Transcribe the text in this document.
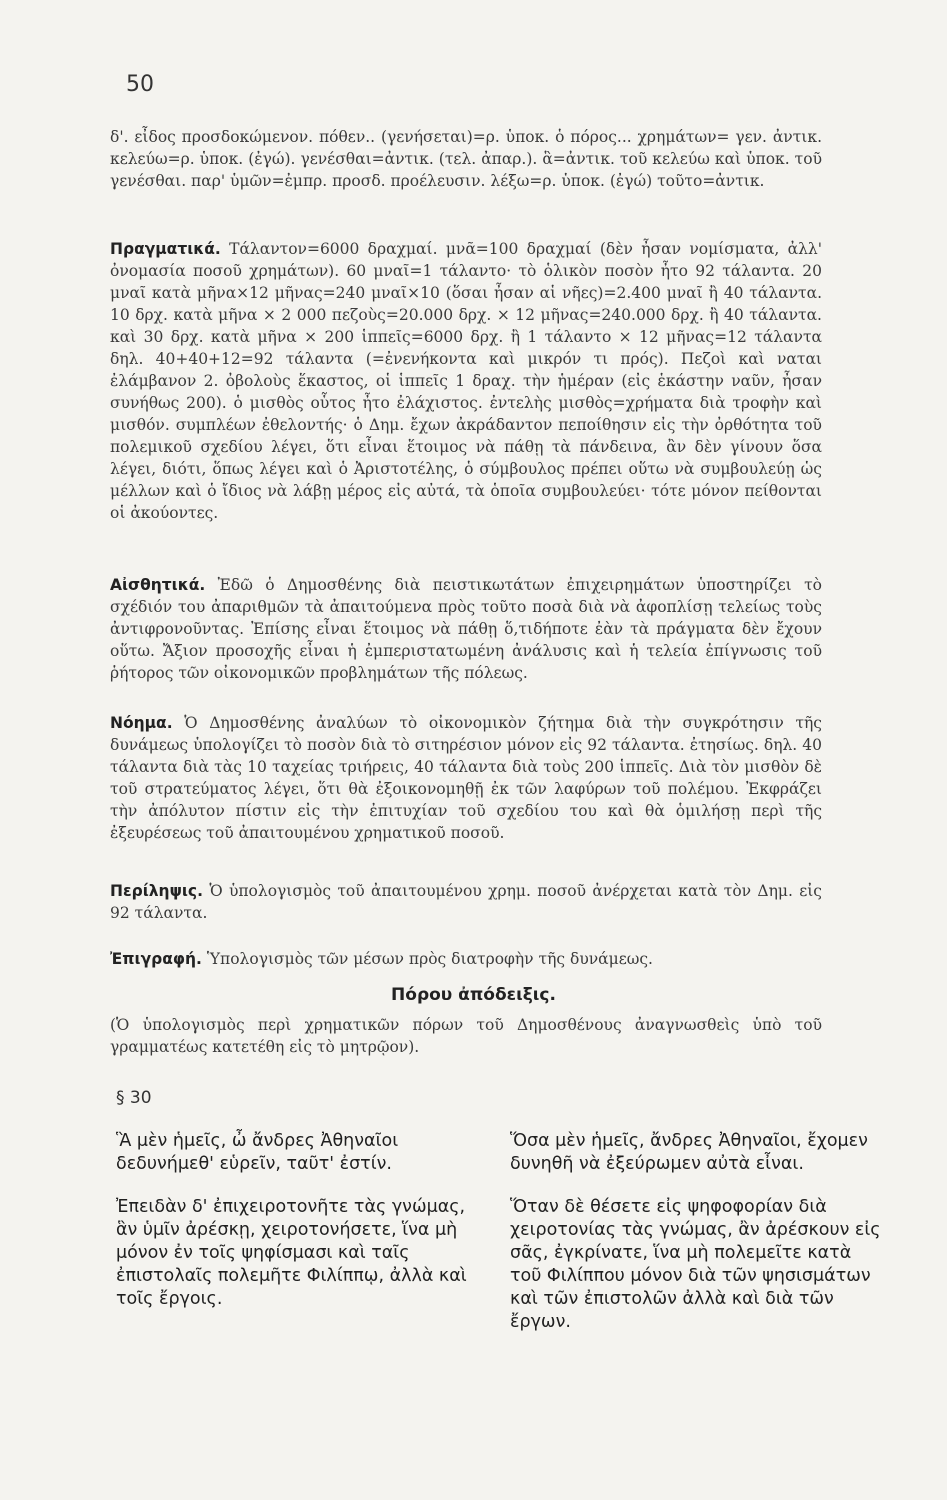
50
δ'. εἶδος προσδοκώμενον. πόθεν.. (γενήσεται)=ρ. ὑποκ. ὁ πόρος... χρημάτων= γεν. ἀντικ. κελεύω=ρ. ὑποκ. (ἐγώ). γενέσθαι=ἀντικ. (τελ. ἀπαρ.). ἃ=ἀντικ. τοῦ κελεύω καὶ ὑποκ. τοῦ γενέσθαι. παρ' ὑμῶν=ἐμπρ. προσδ. προέλευσιν. λέξω=ρ. ὑποκ. (ἐγώ) τοῦτο=ἀντικ.
Πραγματικά. Τάλαντον=6000 δραχμαί. μνᾶ=100 δραχμαί (δὲν ἦσαν νομίσματα, ἀλλ' ὀνομασία ποσοῦ χρημάτων). 60 μναῖ=1 τάλαντο· τὸ ὁλικὸν ποσὸν ἦτο 92 τάλαντα. 20 μναῖ κατὰ μῆνα×12 μῆνας=240 μναῖ×10 (ὅσαι ἦσαν αἱ νῆες)=2.400 μναῖ ἢ 40 τάλαντα. 10 δρχ. κατὰ μῆνα × 2 000 πεζοὺς=20.000 δρχ. × 12 μῆνας=240.000 δρχ. ἢ 40 τάλαντα. καὶ 30 δρχ. κατὰ μῆνα × 200 ἱππεῖς=6000 δρχ. ἢ 1 τάλαντο × 12 μῆνας=12 τάλαντα δηλ. 40+40+12=92 τάλαντα (=ἐνενήκοντα καὶ μικρόν τι πρός). Πεζοὶ καὶ ναται ἐλάμβανον 2. ὀβολοὺς ἕκαστος, οἱ ἱππεῖς 1 δραχ. τὴν ἡμέραν (εἰς ἑκάστην ναῦν, ἦσαν συνήθως 200). ὁ μισθὸς οὗτος ἦτο ἐλάχιστος. ἐντελὴς μισθὸς=χρήματα διὰ τροφὴν καὶ μισθόν. συμπλέων ἐθελοντής· ὁ Δημ. ἔχων ἀκράδαντον πεποίθησιν εἰς τὴν ὀρθότητα τοῦ πολεμικοῦ σχεδίου λέγει, ὅτι εἶναι ἕτοιμος νὰ πάθῃ τὰ πάνδεινα, ἂν δὲν γίνουν ὅσα λέγει, διότι, ὅπως λέγει καὶ ὁ Ἀριστοτέλης, ὁ σύμβουλος πρέπει οὕτω νὰ συμβουλεύῃ ὡς μέλλων καὶ ὁ ἴδιος νὰ λάβῃ μέρος εἰς αὐτά, τὰ ὁποῖα συμβουλεύει· τότε μόνον πείθονται οἱ ἀκούοντες.
Αἰσθητικά. Ἐδῶ ὁ Δημοσθένης διὰ πειστικωτάτων ἐπιχειρημάτων ὑποστηρίζει τὸ σχέδιόν του ἀπαριθμῶν τὰ ἀπαιτούμενα πρὸς τοῦτο ποσὰ διὰ νὰ ἀφοπλίσῃ τελείως τοὺς ἀντιφρονοῦντας. Ἐπίσης εἶναι ἕτοιμος νὰ πάθῃ ὅ,τιδήποτε ἐὰν τὰ πράγματα δὲν ἔχουν οὕτω. Ἄξιον προσοχῆς εἶναι ἡ ἐμπεριστατωμένη ἀνάλυσις καὶ ἡ τελεία ἐπίγνωσις τοῦ ῥήτορος τῶν οἰκονομικῶν προβλημάτων τῆς πόλεως.
Νόημα. Ὁ Δημοσθένης ἀναλύων τὸ οἰκονομικὸν ζήτημα διὰ τὴν συγκρότησιν τῆς δυνάμεως ὑπολογίζει τὸ ποσὸν διὰ τὸ σιτηρέσιον μόνον εἰς 92 τάλαντα. ἐτησίως. δηλ. 40 τάλαντα διὰ τὰς 10 ταχείας τριήρεις, 40 τάλαντα διὰ τοὺς 200 ἱππεῖς. Διὰ τὸν μισθὸν δὲ τοῦ στρατεύματος λέγει, ὅτι θὰ ἐξοικονομηθῇ ἐκ τῶν λαφύρων τοῦ πολέμου. Ἐκφράζει τὴν ἀπόλυτον πίστιν εἰς τὴν ἐπιτυχίαν τοῦ σχεδίου του καὶ θὰ ὁμιλήσῃ περὶ τῆς ἐξευρέσεως τοῦ ἀπαιτουμένου χρηματικοῦ ποσοῦ.
Περίληψις. Ὁ ὑπολογισμὸς τοῦ ἀπαιτουμένου χρημ. ποσοῦ ἀνέρχεται κατὰ τὸν Δημ. εἰς 92 τάλαντα.
Ἐπιγραφή. Ὑπολογισμὸς τῶν μέσων πρὸς διατροφὴν τῆς δυνάμεως.
Πόρου ἀπόδειξις.
(Ὁ ὑπολογισμὸς περὶ χρηματικῶν πόρων τοῦ Δημοσθένους ἀναγνωσθεὶς ὑπὸ τοῦ γραμματέως κατετέθη εἰς τὸ μητρῷον).
§ 30

Ἃ μὲν ἡμεῖς, ὦ ἄνδρες Ἀθηναῖοι δεδυνήμεθ' εὑρεῖν, ταῦτ' ἐστίν.

Ἐπειδὰν δ' ἐπιχειροτονῆτε τὰς γνώμας, ἃν ὑμῖν ἀρέσκῃ, χειροτονήσετε, ἵνα μὴ μόνον ἐν τοῖς ψηφίσμασι καὶ ταῖς ἐπιστολαῖς πολεμῆτε Φιλίππῳ, ἀλλὰ καὶ τοῖς ἔργοις.

Ὅσα μὲν ἡμεῖς, ἄνδρες Ἀθηναῖοι, ἔχομεν δυνηθῆ νὰ ἐξεύρωμεν αὐτὰ εἶναι.

Ὅταν δὲ θέσετε εἰς ψηφοφορίαν διὰ χειροτονίας τὰς γνώμας, ἂν ἀρέσκουν εἰς σᾶς, ἐγκρίνατε, ἵνα μὴ πολεμεῖτε κατὰ τοῦ Φιλίππου μόνον διὰ τῶν ψησισμάτων καὶ τῶν ἐπιστολῶν ἀλλὰ καὶ διὰ τῶν ἔργων.
